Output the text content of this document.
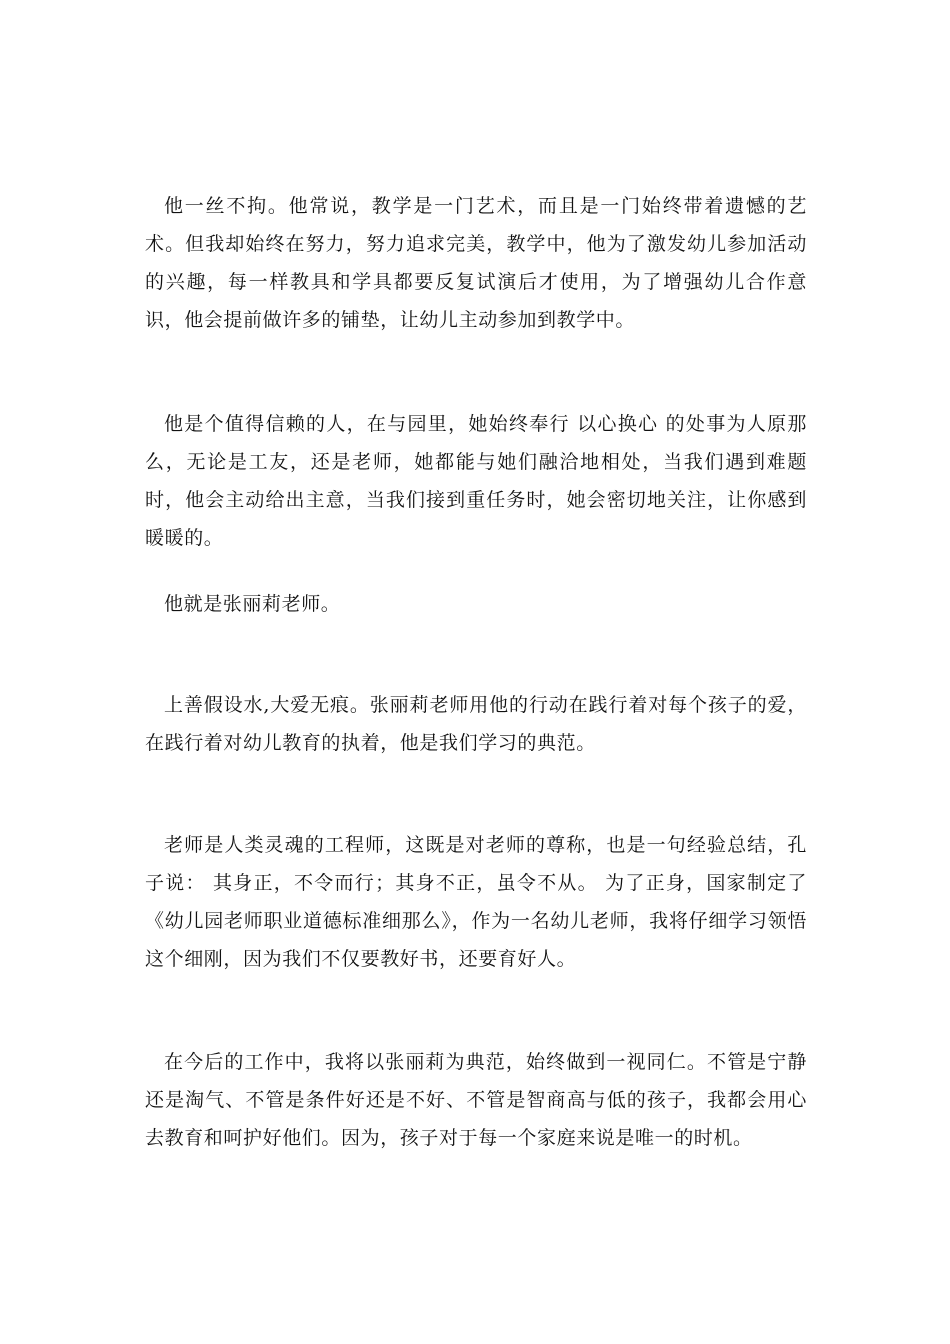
他一丝不拘。他常说，教学是一门艺术，而且是一门始终带着遗憾的艺术。但我却始终在努力，努力追求完美，教学中，他为了激发幼儿参加活动的兴趣，每一样教具和学具都要反复试演后才使用，为了增强幼儿合作意识，他会提前做许多的铺垫，让幼儿主动参加到教学中。

他是个值得信赖的人，在与园里，她始终奉行 以心换心 的处事为人原那么，无论是工友，还是老师，她都能与她们融洽地相处，当我们遇到难题时，他会主动给出主意，当我们接到重任务时，她会密切地关注，让你感到暖暖的。

他就是张丽莉老师。

上善假设水,大爱无痕。张丽莉老师用他的行动在践行着对每个孩子的爱，在践行着对幼儿教育的执着，他是我们学习的典范。

老师是人类灵魂的工程师，这既是对老师的尊称，也是一句经验总结，孔子说： 其身正，不令而行；其身不正，虽令不从。 为了正身，国家制定了《幼儿园老师职业道德标准细那么》，作为一名幼儿老师，我将仔细学习领悟这个细刚，因为我们不仅要教好书，还要育好人。

在今后的工作中，我将以张丽莉为典范，始终做到一视同仁。不管是宁静还是淘气、不管是条件好还是不好、不管是智商高与低的孩子，我都会用心去教育和呵护好他们。因为，孩子对于每一个家庭来说是唯一的时机。
